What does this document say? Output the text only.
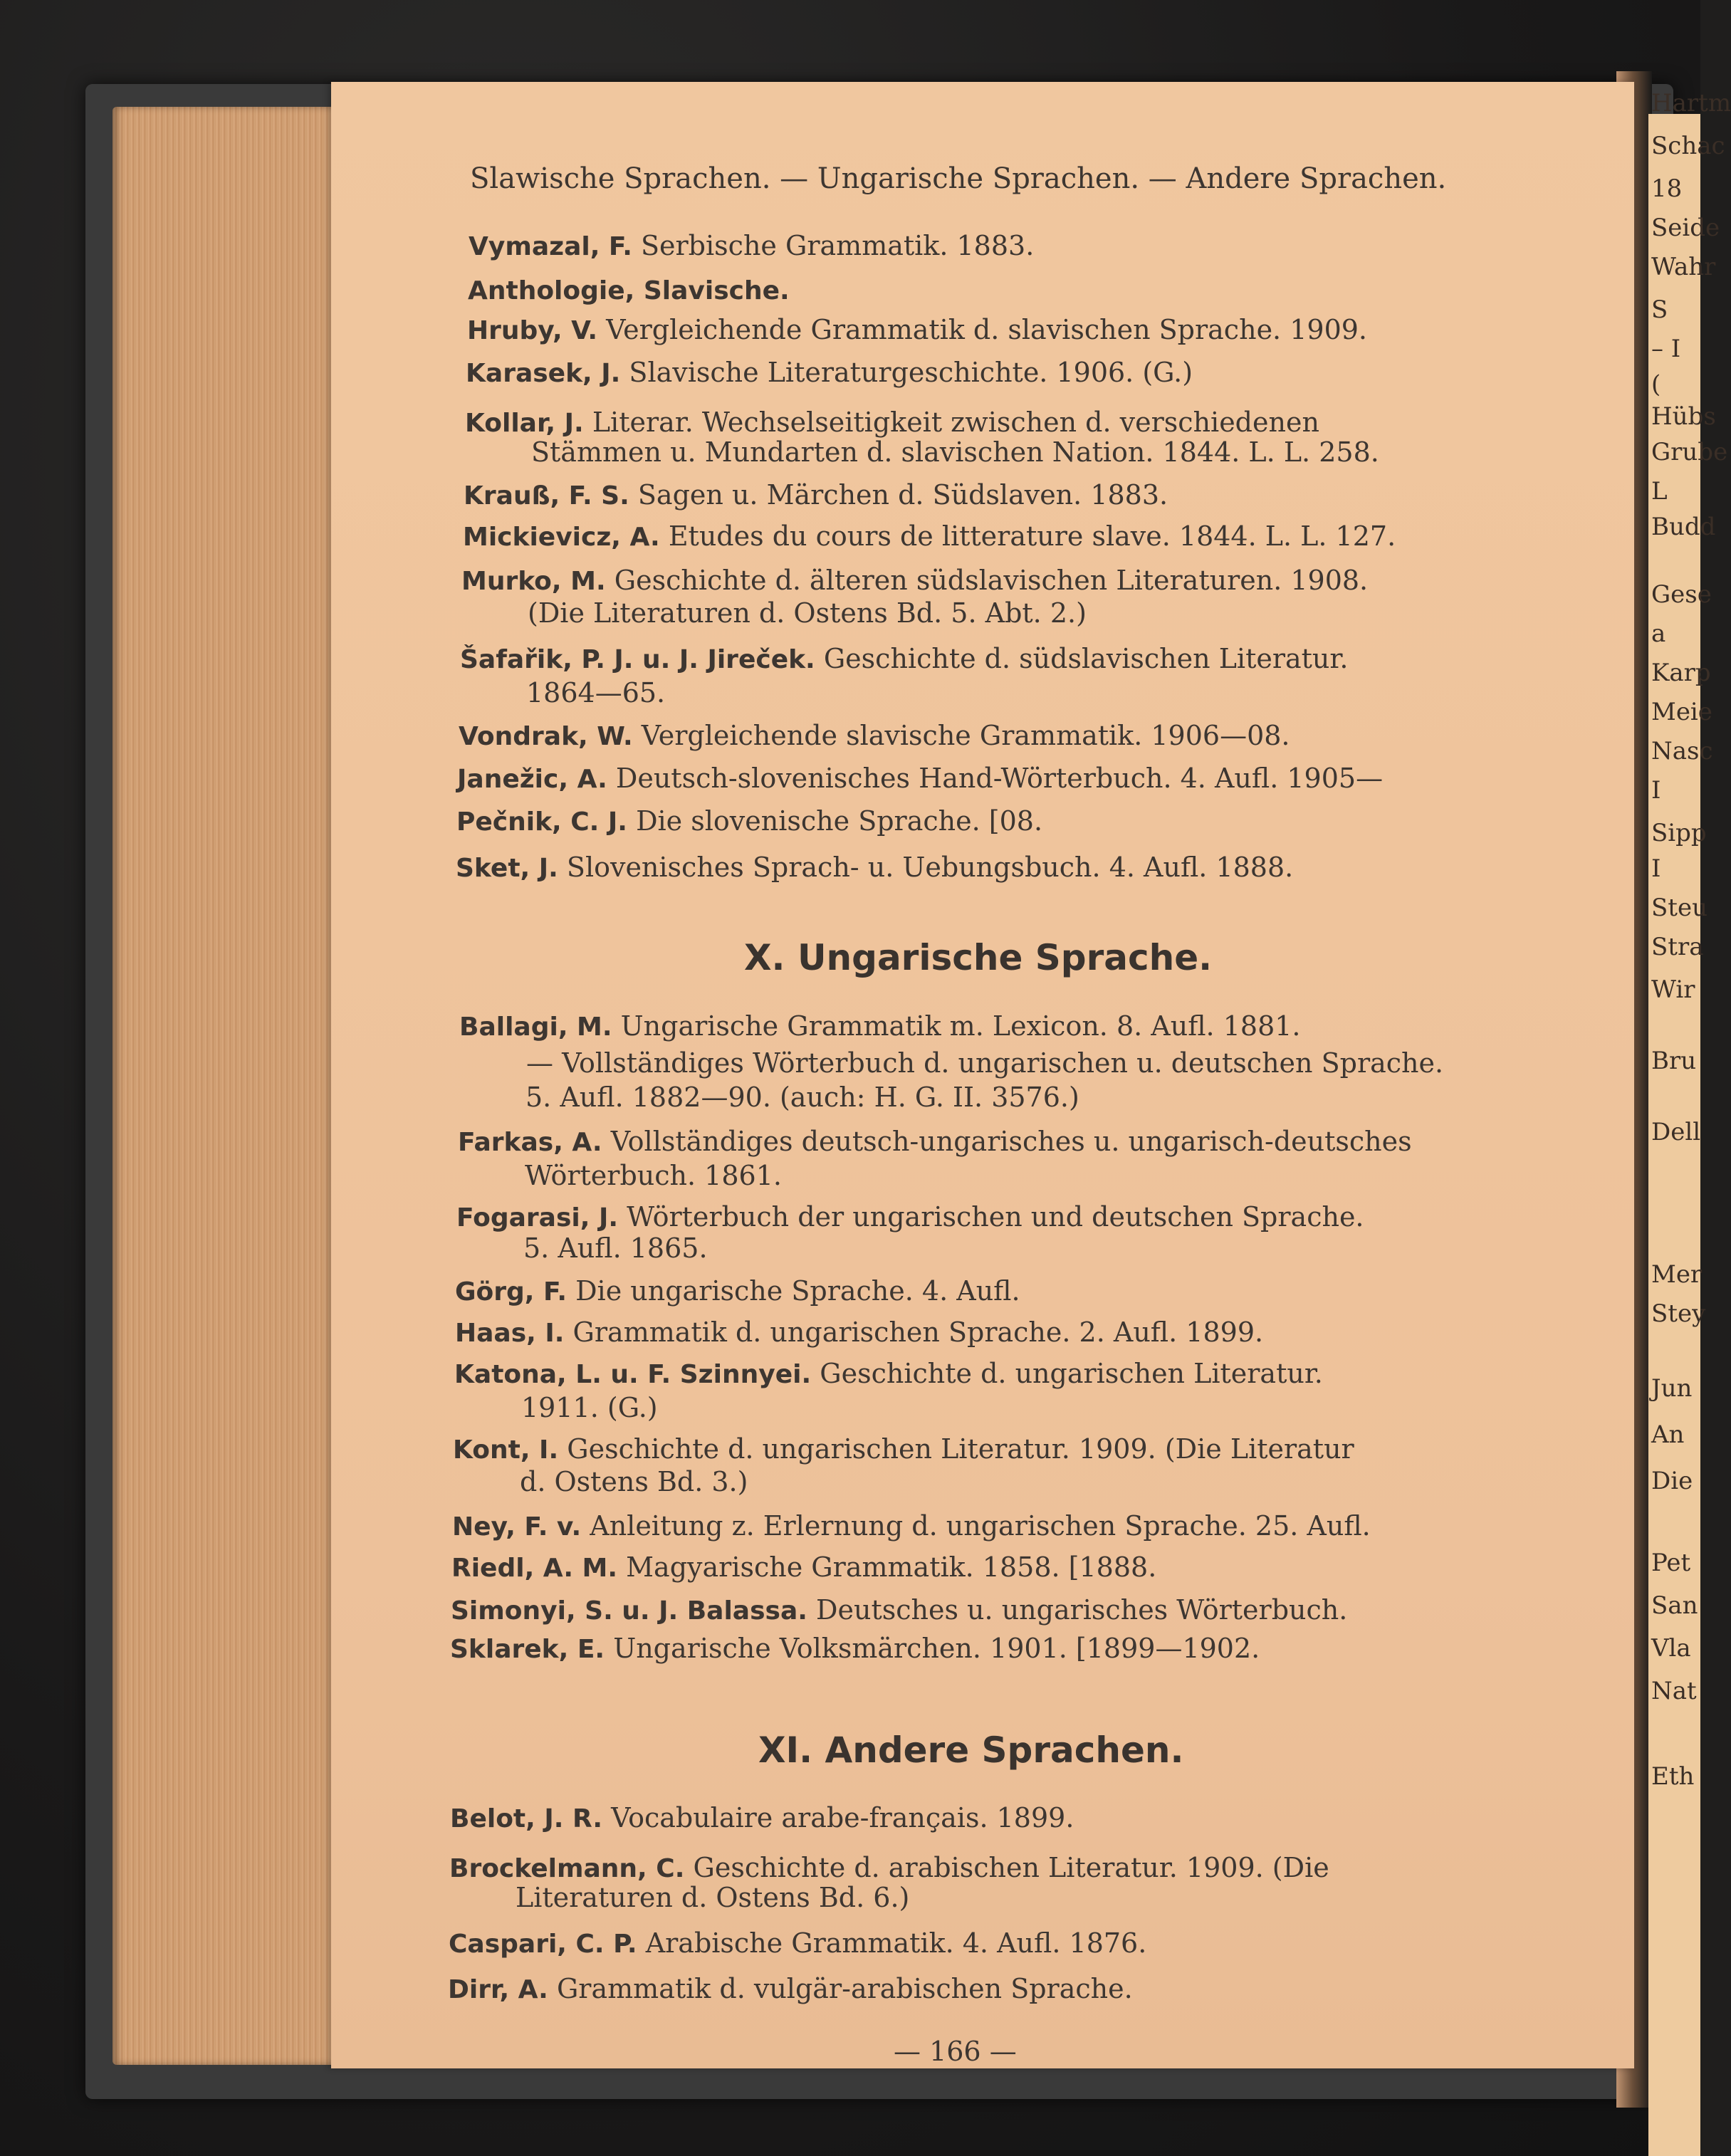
Hartm
Schac
18
Seide
Wahr
S
– I
(
Hübs
Grube
L
Budd
Gese
a
Karp
Meie
Nasc
I
Sipp
I
Steu
Stra
Wir
Bru
Dell
Mer
Stey
Jun
An
Die
Pet
San
Vla
Nat
Eth
Slawische Sprachen. — Ungarische Sprachen. — Andere Sprachen.
Vymazal, F. Serbische Grammatik. 1883.
Anthologie, Slavische.
Hruby, V. Vergleichende Grammatik d. slavischen Sprache. 1909.
Karasek, J. Slavische Literaturgeschichte. 1906. (G.)
Kollar, J. Literar. Wechselseitigkeit zwischen d. verschiedenen
Stämmen u. Mundarten d. slavischen Nation. 1844. L. L. 258.
Krauß, F. S. Sagen u. Märchen d. Südslaven. 1883.
Mickievicz, A. Etudes du cours de litterature slave. 1844. L. L. 127.
Murko, M. Geschichte d. älteren südslavischen Literaturen. 1908.
(Die Literaturen d. Ostens Bd. 5. Abt. 2.)
Šafařik, P. J. u. J. Jireček. Geschichte d. südslavischen Literatur.
1864—65.
Vondrak, W. Vergleichende slavische Grammatik. 1906—08.
Janežic, A. Deutsch-slovenisches Hand-Wörterbuch. 4. Aufl. 1905—
Pečnik, C. J. Die slovenische Sprache. [08.
Sket, J. Slovenisches Sprach- u. Uebungsbuch. 4. Aufl. 1888.
X. Ungarische Sprache.
Ballagi, M. Ungarische Grammatik m. Lexicon. 8. Aufl. 1881.
— Vollständiges Wörterbuch d. ungarischen u. deutschen Sprache.
5. Aufl. 1882—90. (auch: H. G. II. 3576.)
Farkas, A. Vollständiges deutsch-ungarisches u. ungarisch-deutsches
Wörterbuch. 1861.
Fogarasi, J. Wörterbuch der ungarischen und deutschen Sprache.
5. Aufl. 1865.
Görg, F. Die ungarische Sprache. 4. Aufl.
Haas, I. Grammatik d. ungarischen Sprache. 2. Aufl. 1899.
Katona, L. u. F. Szinnyei. Geschichte d. ungarischen Literatur.
1911. (G.)
Kont, I. Geschichte d. ungarischen Literatur. 1909. (Die Literatur
d. Ostens Bd. 3.)
Ney, F. v. Anleitung z. Erlernung d. ungarischen Sprache. 25. Aufl.
Riedl, A. M. Magyarische Grammatik. 1858. [1888.
Simonyi, S. u. J. Balassa. Deutsches u. ungarisches Wörterbuch.
Sklarek, E. Ungarische Volksmärchen. 1901. [1899—1902.
XI. Andere Sprachen.
Belot, J. R. Vocabulaire arabe-français. 1899.
Brockelmann, C. Geschichte d. arabischen Literatur. 1909. (Die
Literaturen d. Ostens Bd. 6.)
Caspari, C. P. Arabische Grammatik. 4. Aufl. 1876.
Dirr, A. Grammatik d. vulgär-arabischen Sprache.
— 166 —
